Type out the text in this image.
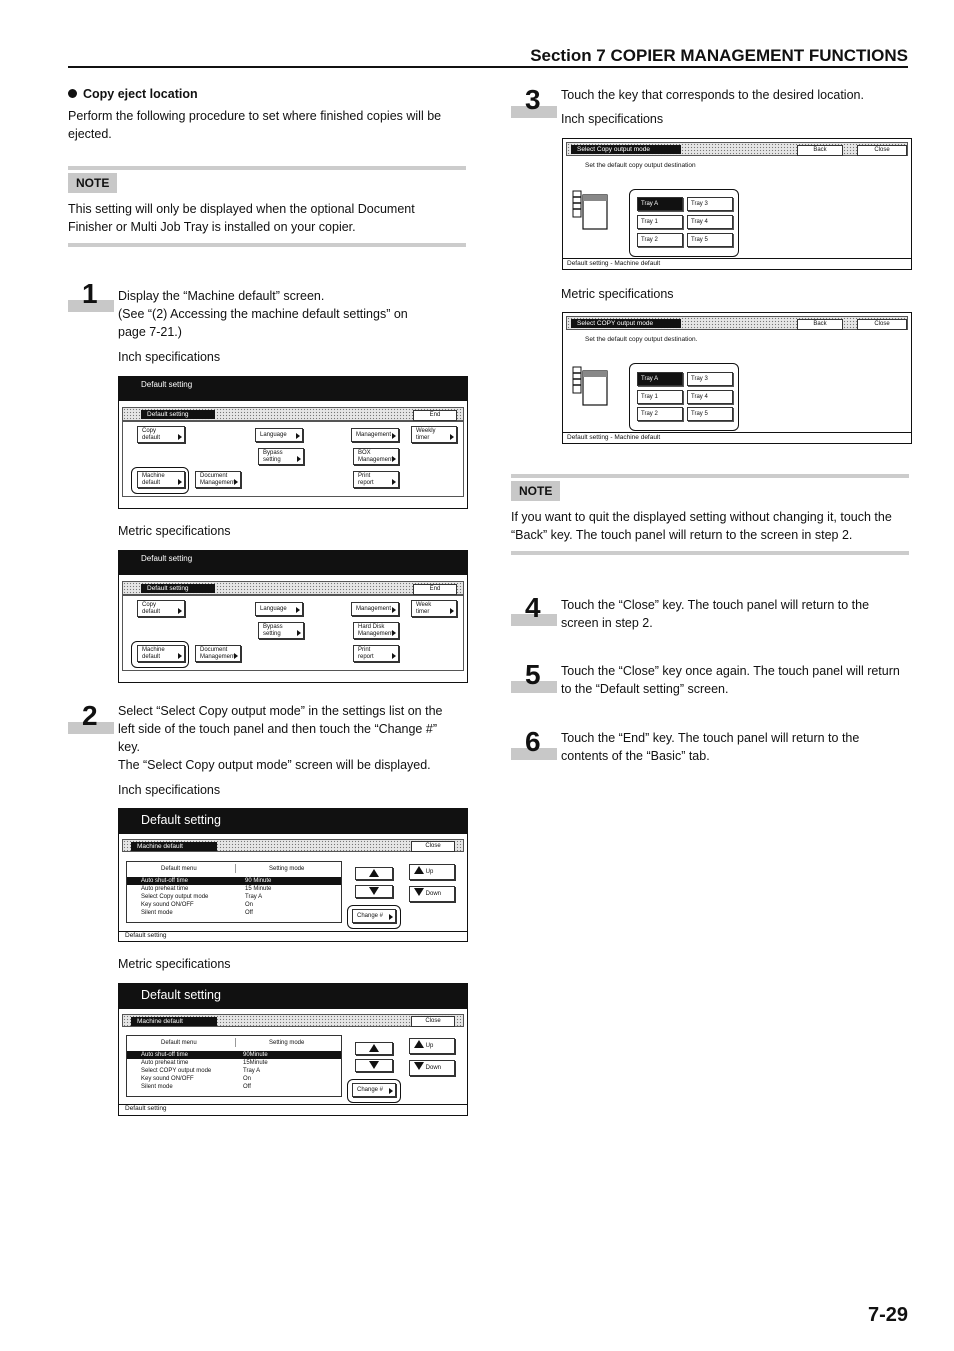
Section 7 COPIER MANAGEMENT FUNCTIONS
Copy eject location
Perform the following procedure to set where finished copies will be
ejected.
NOTE
This setting will only be displayed when the optional Document
Finisher or Multi Job Tray is installed on your copier.
1 Display the “Machine default” screen.
(See “(2) Accessing the machine default settings” on
page 7-21.)
Inch specifications
Default setting
Default setting	End
Copy
default	Language	Management
Weekly
timer
Bypass
setting
BOX
Management
Machine
default
Document
Management
Print
report
Metric specifications
Default setting
Default setting	End
Copy
default	Language	Management
Week
timer
Bypass
setting
Hard Disk
Management
Machine
default
Document
Management
Print
report
2 Select “Select Copy output mode” in the settings list on the
left side of the touch panel and then touch the “Change #”
key.
The “Select Copy output mode” screen will be displayed.
Inch specifications
Default setting
Machine default	Close
Default menu	Setting mode
Auto shut-off time	90 Minute
Auto preheat time	15 Minute
Select Copy output mode	Tray A
Key sound ON/OFF	On
Silent mode	Off
Up
Down
Change #
Default setting
Metric specifications
Default setting
Machine default	Close
Default menu	Setting mode
Auto shut-off time	90Minute
Auto preheat time	15Minute
Select COPY output mode	Tray A
Key sound ON/OFF	On
Silent mode	Off
Up
Down
Change #
Default setting
3 Touch the key that corresponds to the desired location.
Inch specifications
Select Copy output mode	Back	Close
Set the default copy output destination
Tray A
Tray 1
Tray 2
Tray 3
Tray 4
Tray 5
Default setting - Machine default
Metric specifications
Select COPY output mode	Back	Close
Set the default copy output destination.
Tray A
Tray 1
Tray 2
Tray 3
Tray 4
Tray 5
Default setting - Machine default
NOTE
If you want to quit the displayed setting without changing it, touch the
“Back” key. The touch panel will return to the screen in step 2.
4 Touch the “Close” key. The touch panel will return to the
screen in step 2.
5 Touch the “Close” key once again. The touch panel will return
to the “Default setting” screen.
6 Touch the “End” key. The touch panel will return to the
contents of the “Basic” tab.
7-29
